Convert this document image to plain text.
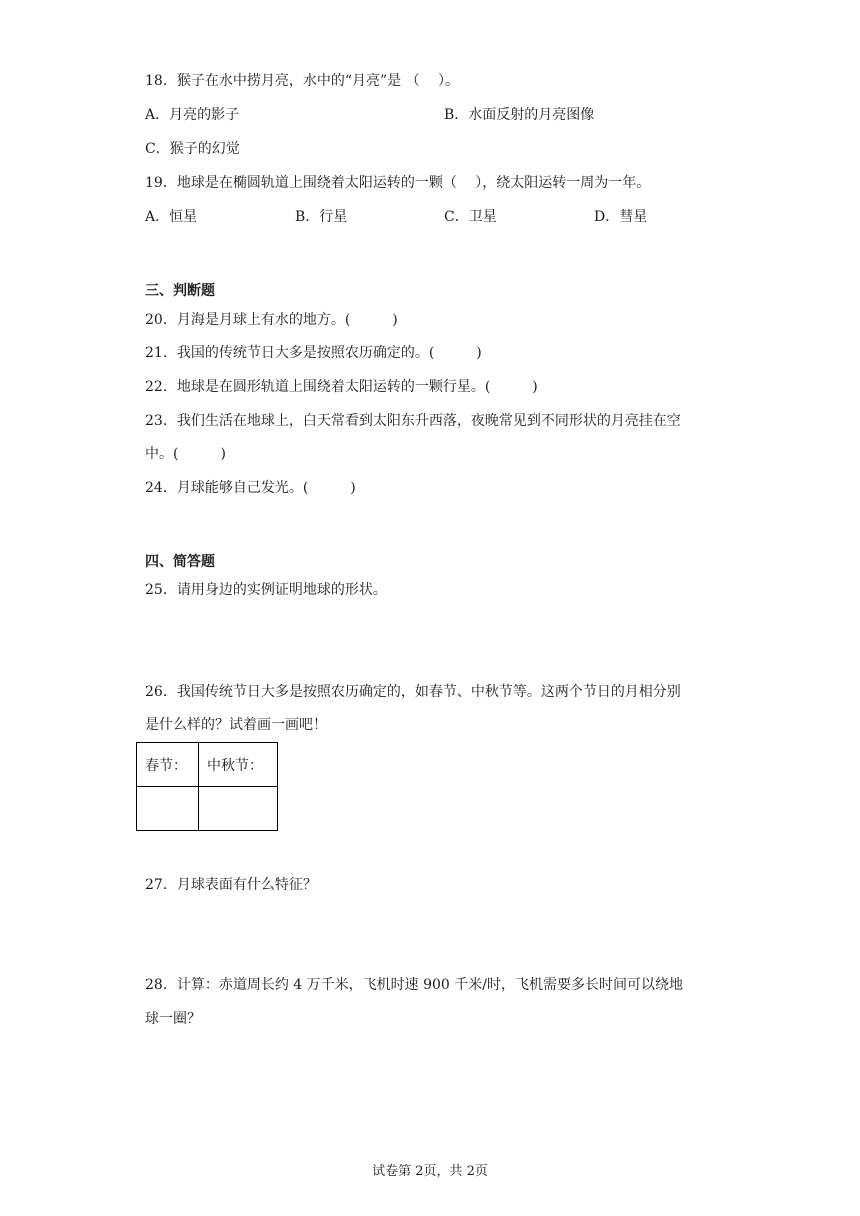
18．猴子在水中捞月亮，水中的“月亮”是 （　 ）。
A．月亮的影子	B．水面反射的月亮图像
C．猴子的幻觉
19．地球是在椭圆轨道上围绕着太阳运转的一颗（　 ），绕太阳运转一周为一年。
A．恒星	B．行星	C．卫星	D．彗星
三、判断题
20．月海是月球上有水的地方。(　　　)
21．我国的传统节日大多是按照农历确定的。(　　　)
22．地球是在圆形轨道上围绕着太阳运转的一颗行星。(　　　)
23．我们生活在地球上，白天常看到太阳东升西落，夜晚常见到不同形状的月亮挂在空
中。(　　　)
24．月球能够自己发光。(　　　)
四、简答题
25．请用身边的实例证明地球的形状。
26．我国传统节日大多是按照农历确定的，如春节、中秋节等。这两个节日的月相分别
是什么样的？试着画一画吧！
春节：	中秋节：

27．月球表面有什么特征？
28．计算：赤道周长约 4 万千米，飞机时速 900 千米/时，飞机需要多长时间可以绕地
球一圈？
试卷第 2页，共 2页
